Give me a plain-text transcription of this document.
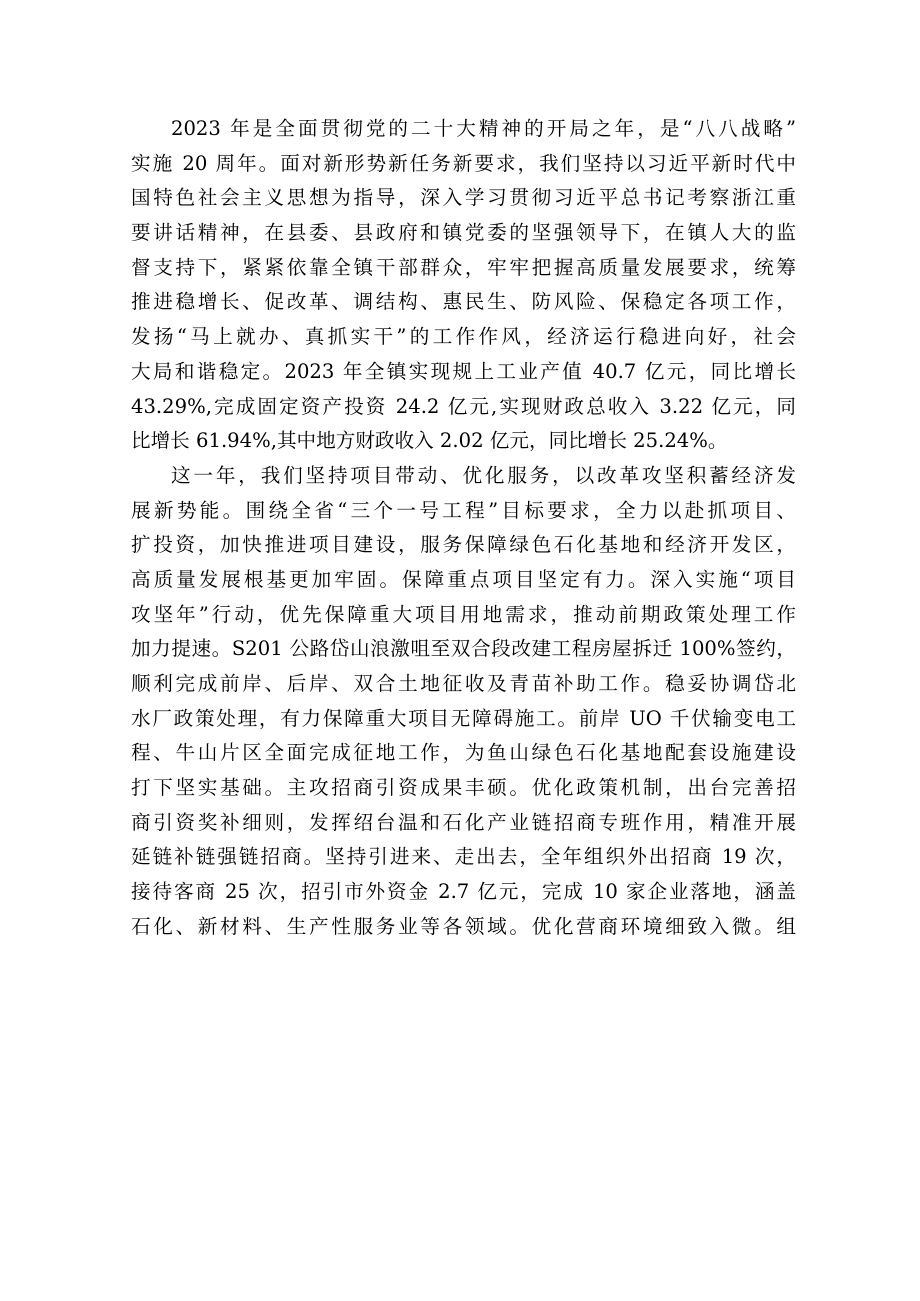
2023 年是全面贯彻党的二十大精神的开局之年，是“八八战略”
实施 20 周年。面对新形势新任务新要求，我们坚持以习近平新时代中
国特色社会主义思想为指导，深入学习贯彻习近平总书记考察浙江重
要讲话精神，在县委、县政府和镇党委的坚强领导下，在镇人大的监
督支持下，紧紧依靠全镇干部群众，牢牢把握高质量发展要求，统筹
推进稳增长、促改革、调结构、惠民生、防风险、保稳定各项工作，
发扬“马上就办、真抓实干”的工作作风，经济运行稳进向好，社会
大局和谐稳定。2023 年全镇实现规上工业产值 40.7 亿元，同比增长
43.29%,完成固定资产投资 24.2 亿元,实现财政总收入 3.22 亿元，同
比增长 61.94%,其中地方财政收入 2.02 亿元，同比增长 25.24%。
这一年，我们坚持项目带动、优化服务，以改革攻坚积蓄经济发
展新势能。围绕全省“三个一号工程”目标要求，全力以赴抓项目、
扩投资，加快推进项目建设，服务保障绿色石化基地和经济开发区，
高质量发展根基更加牢固。保障重点项目坚定有力。深入实施“项目
攻坚年”行动，优先保障重大项目用地需求，推动前期政策处理工作
加力提速。S201 公路岱山浪激咀至双合段改建工程房屋拆迁 100%签约，
顺利完成前岸、后岸、双合土地征收及青苗补助工作。稳妥协调岱北
水厂政策处理，有力保障重大项目无障碍施工。前岸 UO 千伏输变电工
程、牛山片区全面完成征地工作，为鱼山绿色石化基地配套设施建设
打下坚实基础。主攻招商引资成果丰硕。优化政策机制，出台完善招
商引资奖补细则，发挥绍台温和石化产业链招商专班作用，精准开展
延链补链强链招商。坚持引进来、走出去，全年组织外出招商 19 次，
接待客商 25 次，招引市外资金 2.7 亿元，完成 10 家企业落地，涵盖
石化、新材料、生产性服务业等各领域。优化营商环境细致入微。组
